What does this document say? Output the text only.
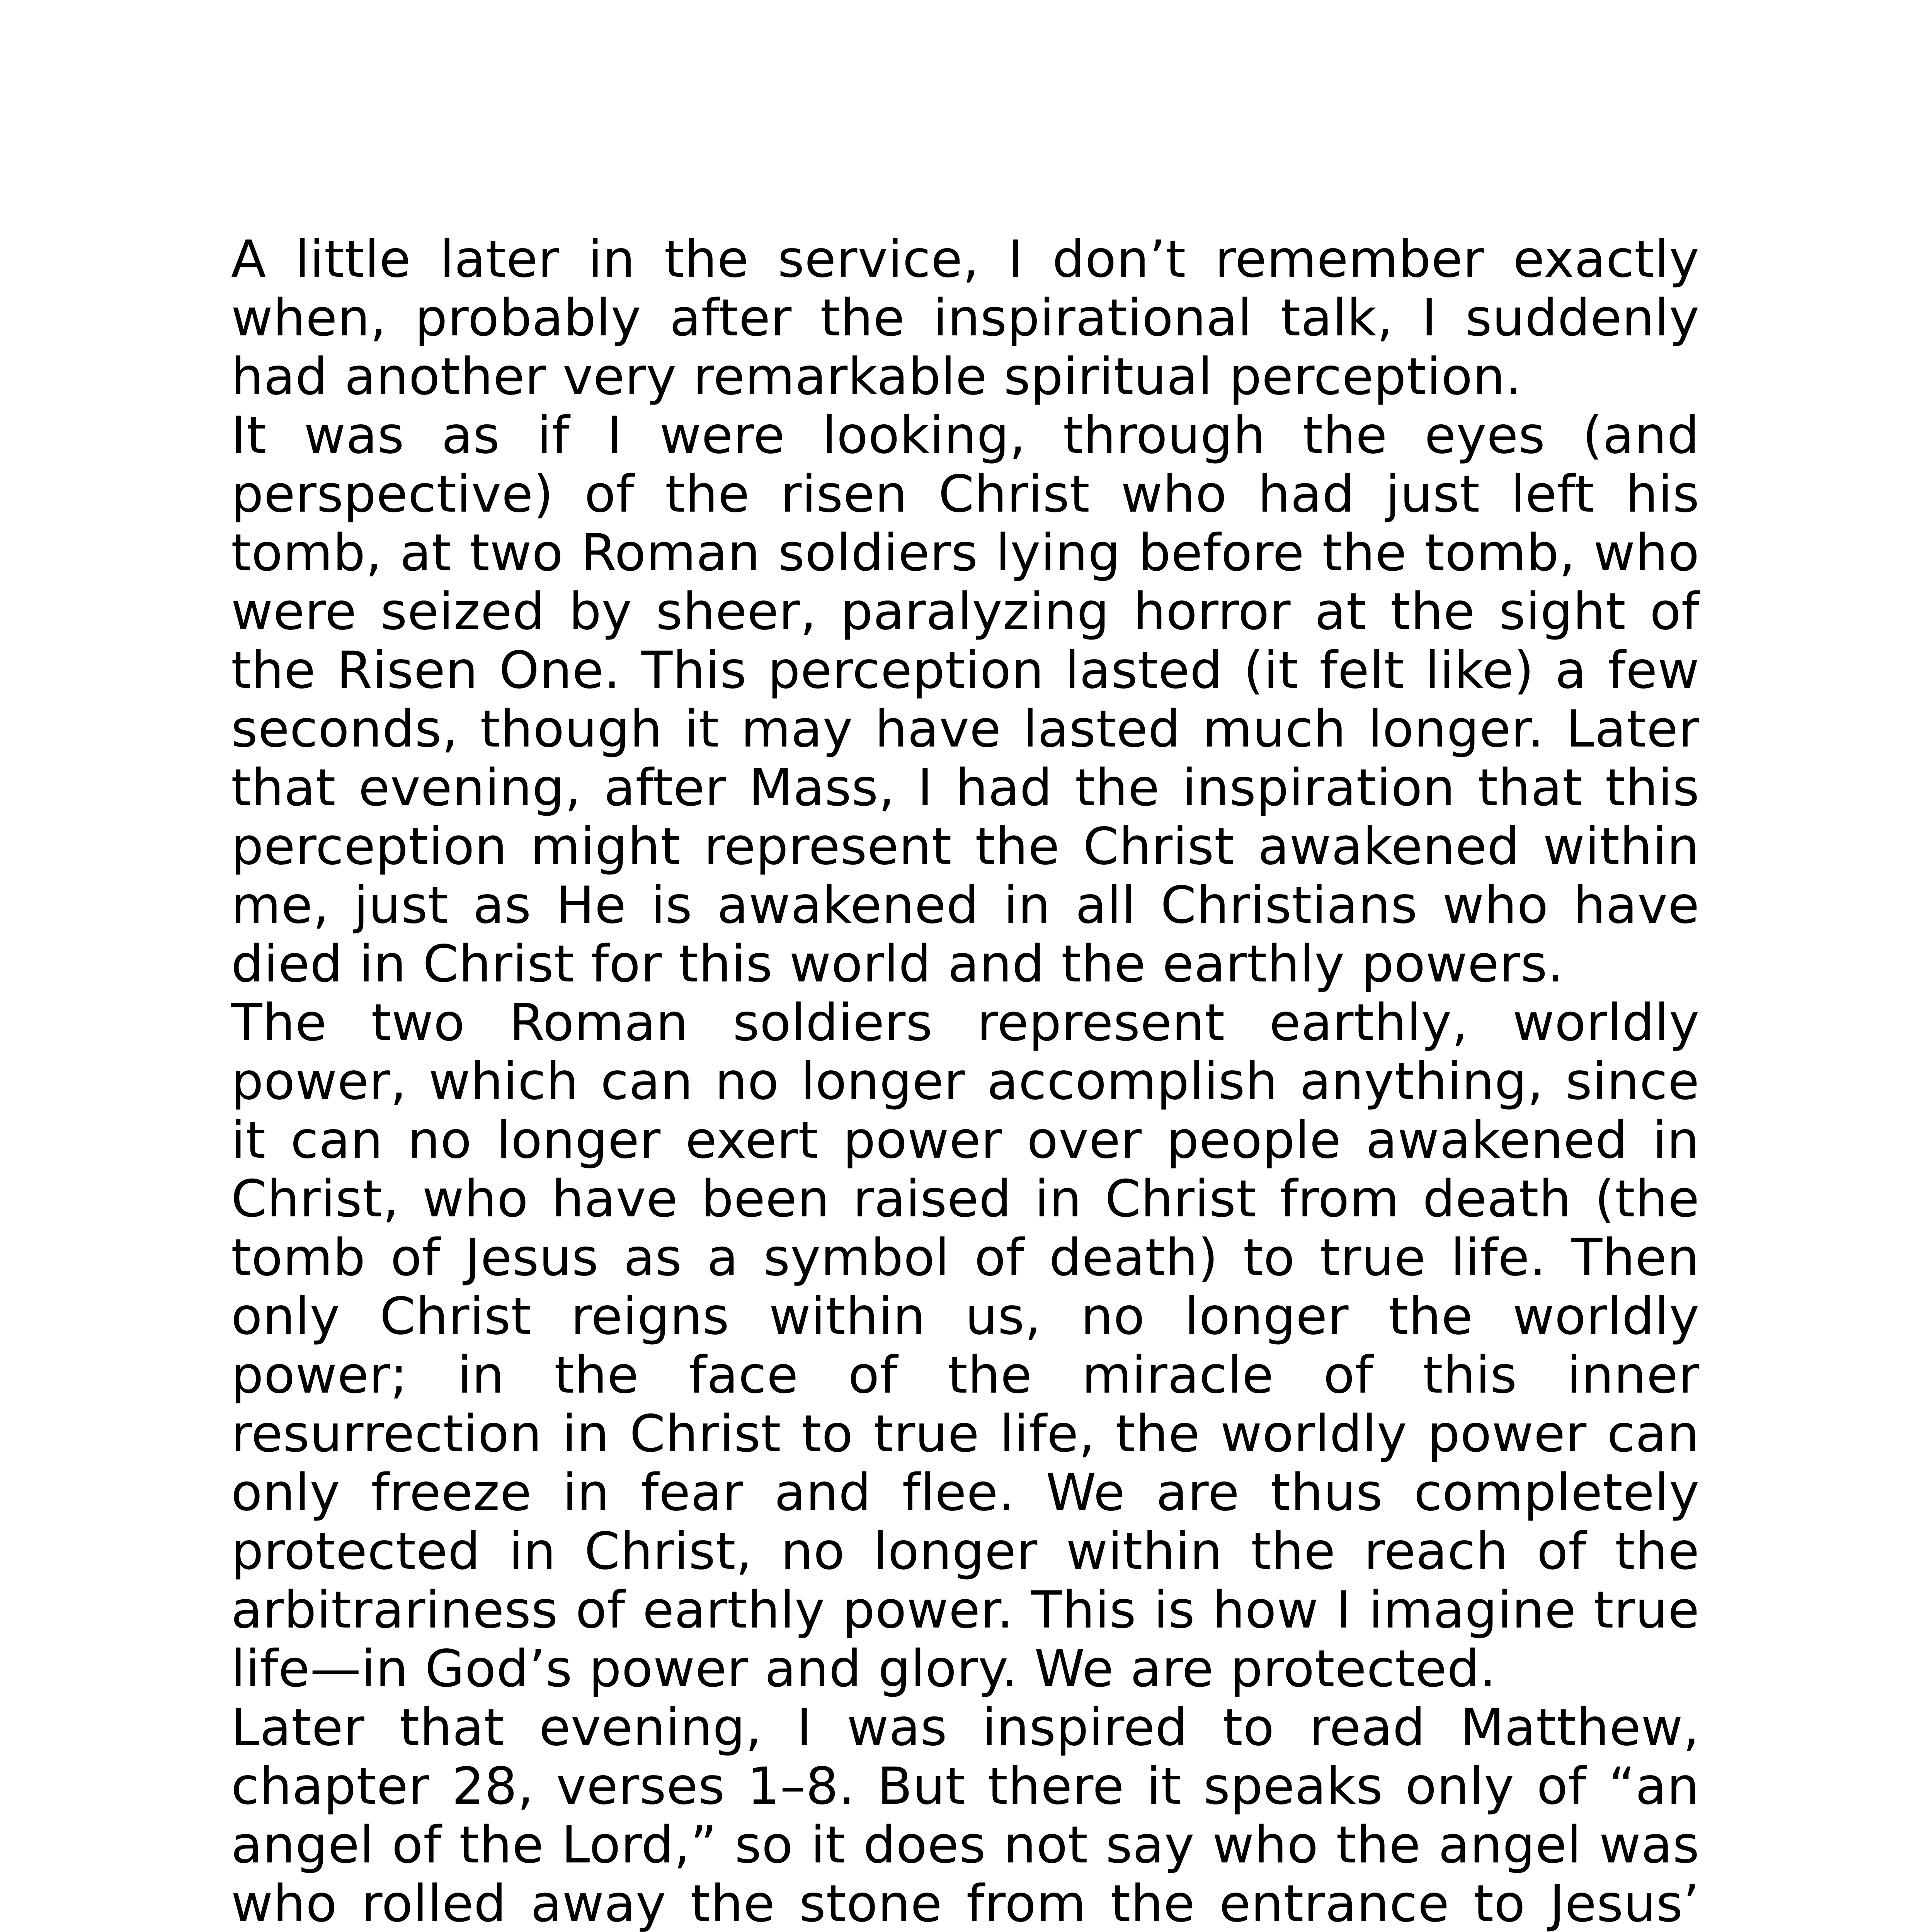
A little later in the service, I don’t remember exactly when, probably after the inspirational talk, I suddenly had another very remarkable spiritual perception.

It was as if I were looking, through the eyes (and perspective) of the risen Christ who had just left his tomb, at two Roman soldiers lying before the tomb, who were seized by sheer, paralyzing horror at the sight of the Risen One. This perception lasted (it felt like) a few seconds, though it may have lasted much longer. Later that evening, after Mass, I had the inspiration that this perception might represent the Christ awakened within me, just as He is awakened in all Christians who have died in Christ for this world and the earthly powers.

The two Roman soldiers represent earthly, worldly power, which can no longer accomplish anything, since it can no longer exert power over people awakened in Christ, who have been raised in Christ from death (the tomb of Jesus as a symbol of death) to true life. Then only Christ reigns within us, no longer the worldly power; in the face of the miracle of this inner resurrection in Christ to true life, the worldly power can only freeze in fear and flee. We are thus completely protected in Christ, no longer within the reach of the arbitrariness of earthly power. This is how I imagine true life—in God’s power and glory. We are protected.

Later that evening, I was inspired to read Matthew, chapter 28, verses 1–8. But there it speaks only of “an angel of the Lord,” so it does not say who the angel was who rolled away the stone from the entrance to Jesus’
